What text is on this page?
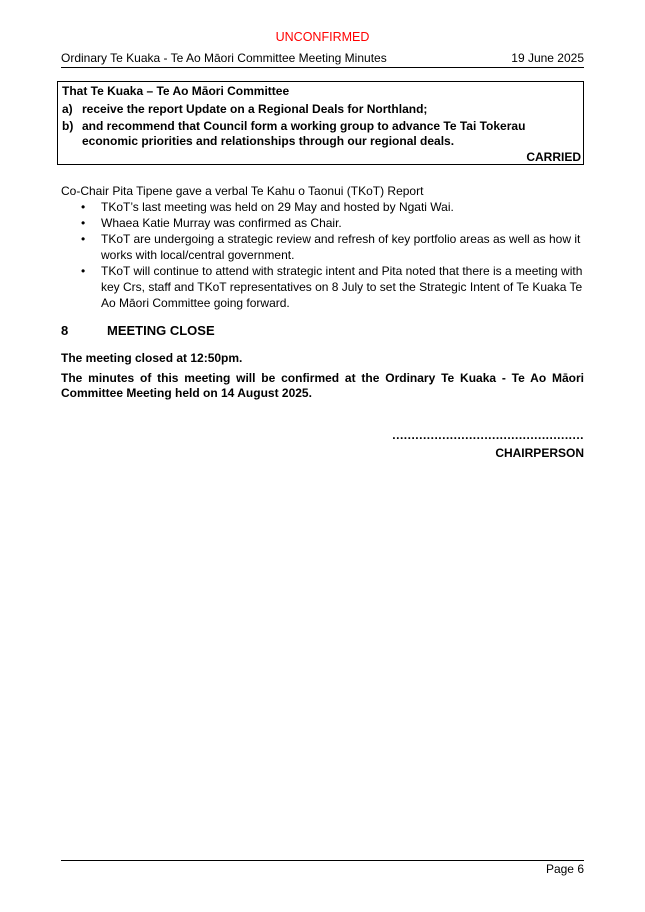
UNCONFIRMED
Ordinary Te Kuaka - Te Ao Māori Committee Meeting Minutes	19 June 2025
That Te Kuaka – Te Ao Māori Committee
a) receive the report Update on a Regional Deals for Northland;
b) and recommend that Council form a working group to advance Te Tai Tokerau economic priorities and relationships through our regional deals.
CARRIED
Co-Chair Pita Tipene gave a verbal Te Kahu o Taonui (TKoT) Report
• TKoT’s last meeting was held on 29 May and hosted by Ngati Wai.
• Whaea Katie Murray was confirmed as Chair.
• TKoT are undergoing a strategic review and refresh of key portfolio areas as well as how it works with local/central government.
• TKoT will continue to attend with strategic intent and Pita noted that there is a meeting with key Crs, staff and TKoT representatives on 8 July to set the Strategic Intent of Te Kuaka Te Ao Māori Committee going forward.
8	MEETING CLOSE
The meeting closed at 12:50pm.
The minutes of this meeting will be confirmed at the Ordinary Te Kuaka - Te Ao Māori Committee Meeting held on 14 August 2025.
..................................................
CHAIRPERSON
Page 6
